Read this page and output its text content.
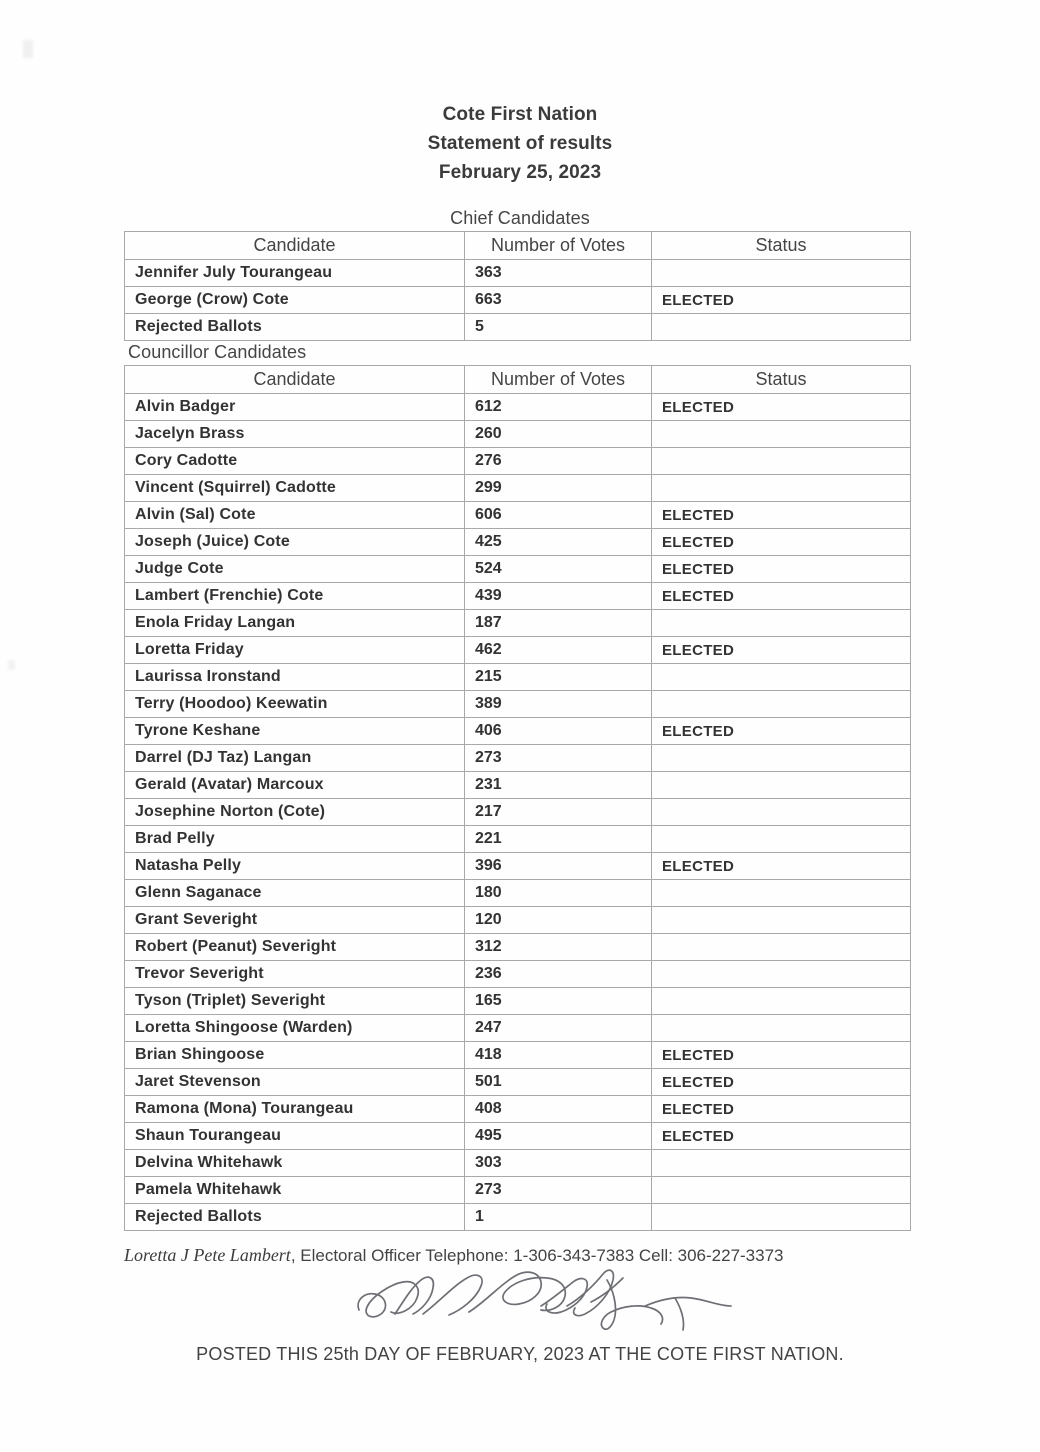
Cote First Nation
Statement of results
February 25, 2023
Chief Candidates
Candidate	Number of Votes	Status
Jennifer July Tourangeau	363	
George (Crow) Cote	663	ELECTED
Rejected Ballots	5	
Councillor Candidates
Candidate	Number of Votes	Status
Alvin Badger	612	ELECTED
Jacelyn Brass	260	
Cory Cadotte	276	
Vincent (Squirrel) Cadotte	299	
Alvin (Sal) Cote	606	ELECTED
Joseph (Juice) Cote	425	ELECTED
Judge Cote	524	ELECTED
Lambert (Frenchie) Cote	439	ELECTED
Enola Friday Langan	187	
Loretta Friday	462	ELECTED
Laurissa Ironstand	215	
Terry (Hoodoo) Keewatin	389	
Tyrone Keshane	406	ELECTED
Darrel (DJ Taz) Langan	273	
Gerald (Avatar) Marcoux	231	
Josephine Norton (Cote)	217	
Brad Pelly	221	
Natasha Pelly	396	ELECTED
Glenn Saganace	180	
Grant Severight	120	
Robert (Peanut) Severight	312	
Trevor Severight	236	
Tyson (Triplet) Severight	165	
Loretta Shingoose (Warden)	247	
Brian Shingoose	418	ELECTED
Jaret Stevenson	501	ELECTED
Ramona (Mona) Tourangeau	408	ELECTED
Shaun Tourangeau	495	ELECTED
Delvina Whitehawk	303	
Pamela Whitehawk	273	
Rejected Ballots	1	
Loretta J Pete Lambert, Electoral Officer Telephone: 1-306-343-7383 Cell: 306-227-3373
POSTED THIS 25th DAY OF FEBRUARY, 2023 AT THE COTE FIRST NATION.
